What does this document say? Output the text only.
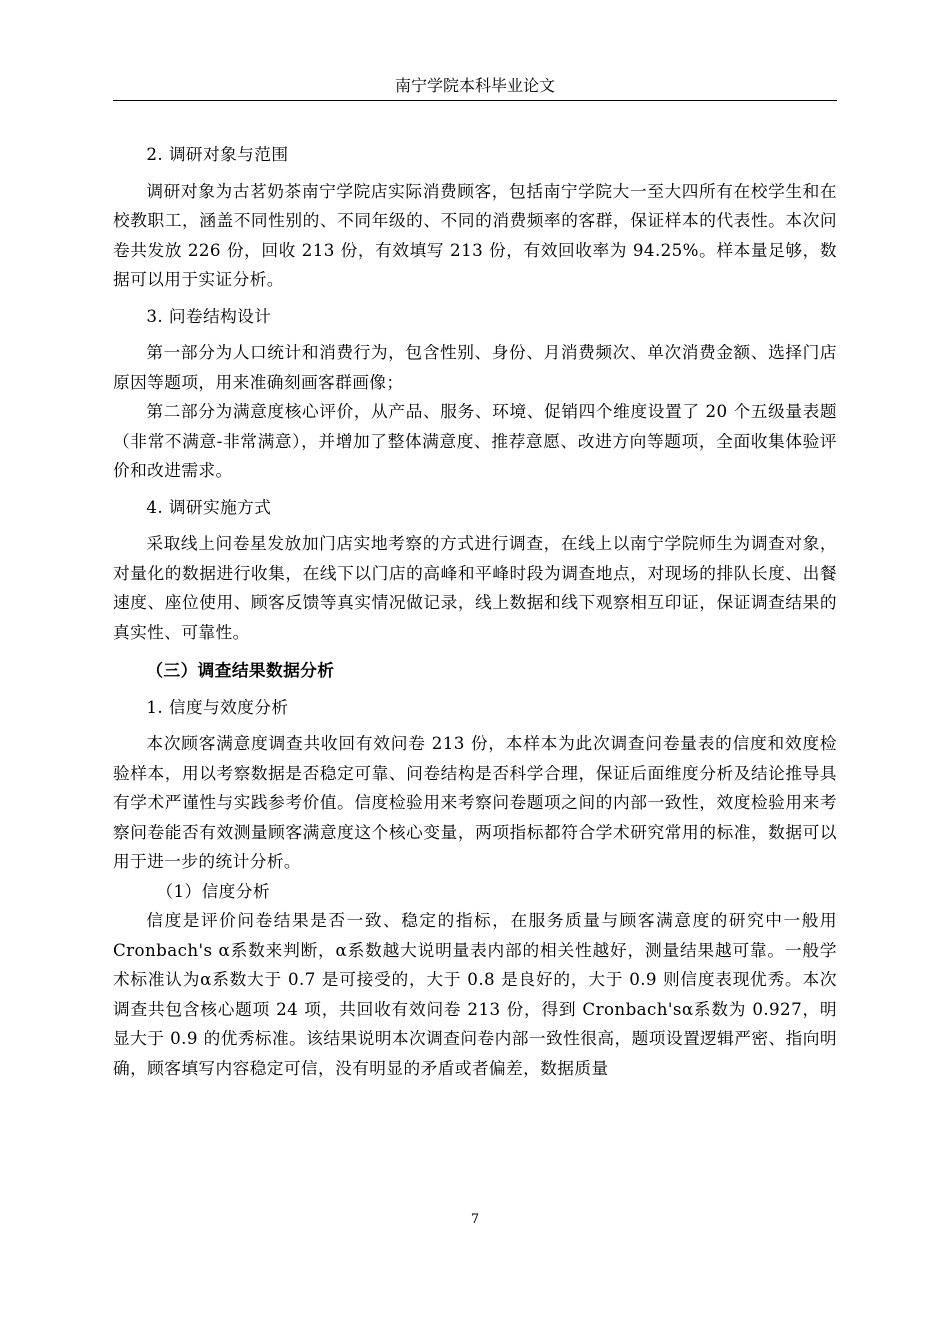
南宁学院本科毕业论文

2. 调研对象与范围

调研对象为古茗奶茶南宁学院店实际消费顾客，包括南宁学院大一至大四所有在校学生和在校教职工，涵盖不同性别的、不同年级的、不同的消费频率的客群，保证样本的代表性。本次问卷共发放 226 份，回收 213 份，有效填写 213 份，有效回收率为 94.25%。样本量足够，数据可以用于实证分析。

3. 问卷结构设计

第一部分为人口统计和消费行为，包含性别、身份、月消费频次、单次消费金额、选择门店原因等题项，用来准确刻画客群画像；

第二部分为满意度核心评价，从产品、服务、环境、促销四个维度设置了 20 个五级量表题（非常不满意-非常满意），并增加了整体满意度、推荐意愿、改进方向等题项，全面收集体验评价和改进需求。

4. 调研实施方式

采取线上问卷星发放加门店实地考察的方式进行调查，在线上以南宁学院师生为调查对象，对量化的数据进行收集，在线下以门店的高峰和平峰时段为调查地点，对现场的排队长度、出餐速度、座位使用、顾客反馈等真实情况做记录，线上数据和线下观察相互印证，保证调查结果的真实性、可靠性。

（三）调查结果数据分析

1. 信度与效度分析

本次顾客满意度调查共收回有效问卷 213 份，本样本为此次调查问卷量表的信度和效度检验样本，用以考察数据是否稳定可靠、问卷结构是否科学合理，保证后面维度分析及结论推导具有学术严谨性与实践参考价值。信度检验用来考察问卷题项之间的内部一致性，效度检验用来考察问卷能否有效测量顾客满意度这个核心变量，两项指标都符合学术研究常用的标准，数据可以用于进一步的统计分析。

（1）信度分析

信度是评价问卷结果是否一致、稳定的指标，在服务质量与顾客满意度的研究中一般用 Cronbach's α系数来判断，α系数越大说明量表内部的相关性越好，测量结果越可靠。一般学术标准认为α系数大于 0.7 是可接受的，大于 0.8 是良好的，大于 0.9 则信度表现优秀。本次调查共包含核心题项 24 项，共回收有效问卷 213 份，得到 Cronbach'sα系数为 0.927，明显大于 0.9 的优秀标准。该结果说明本次调查问卷内部一致性很高，题项设置逻辑严密、指向明确，顾客填写内容稳定可信，没有明显的矛盾或者偏差，数据质量

7
